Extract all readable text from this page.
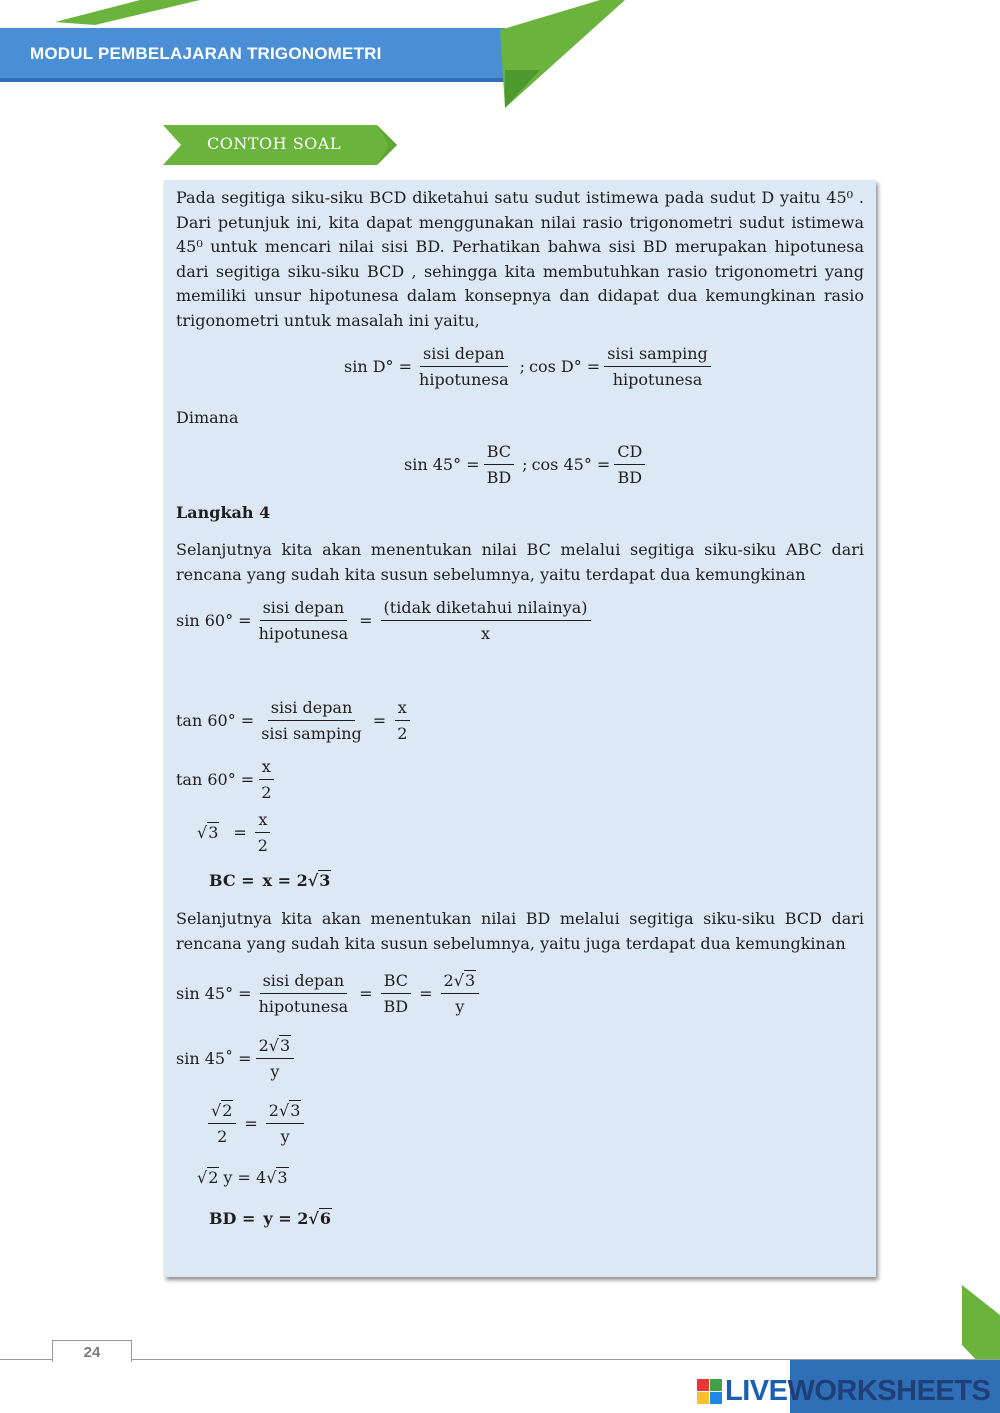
MODUL PEMBELAJARAN TRIGONOMETRI
CONTOH SOAL
Pada segitiga siku-siku BCD diketahui satu sudut istimewa pada sudut D yaitu 45⁰ . Dari petunjuk ini, kita dapat menggunakan nilai rasio trigonometri sudut istimewa 45⁰ untuk mencari nilai sisi BD. Perhatikan bahwa sisi BD merupakan hipotunesa dari segitiga siku-siku BCD , sehingga kita membutuhkan rasio trigonometri yang memiliki unsur hipotunesa dalam konsepnya dan didapat dua kemungkinan rasio trigonometri untuk masalah ini yaitu,
$\sin D^\circ = \frac{\text{sisi depan}}{\text{hipotunesa}}$ ; $\cos D^\circ = \frac{\text{sisi samping}}{\text{hipotunesa}}$
Dimana
$\sin 45^\circ = \frac{BC}{BD}$ ; $\cos 45^\circ = \frac{CD}{BD}$
Langkah 4
Selanjutnya kita akan menentukan nilai BC melalui segitiga siku-siku ABC dari rencana yang sudah kita susun sebelumnya, yaitu terdapat dua kemungkinan
$\sin 60^\circ = \frac{\text{sisi depan}}{\text{hipotunesa}} = \frac{\text{(tidak diketahui nilainya)}}{x}$
$\tan 60^\circ = \frac{\text{sisi depan}}{\text{sisi samping}} = \frac{x}{2}$
$\tan 60^\circ = \frac{x}{2}$
$√3 = \frac{x}{2}$
BC = x = 2 √3
Selanjutnya kita akan menentukan nilai BD melalui segitiga siku-siku BCD dari rencana yang sudah kita susun sebelumnya, yaitu juga terdapat dua kemungkinan
$\sin 45^\circ = \frac{\text{sisi depan}}{\text{hipotunesa}} = \frac{BC}{BD} = \frac{2√3}{y}$
sin 45˚ = $\frac{2√3}{y}$
$\frac{√2}{2} = \frac{2√3}{y}$
√2 y = 4 √3
BD = y = 2 √6
24
LIVE WORKSHEETS
